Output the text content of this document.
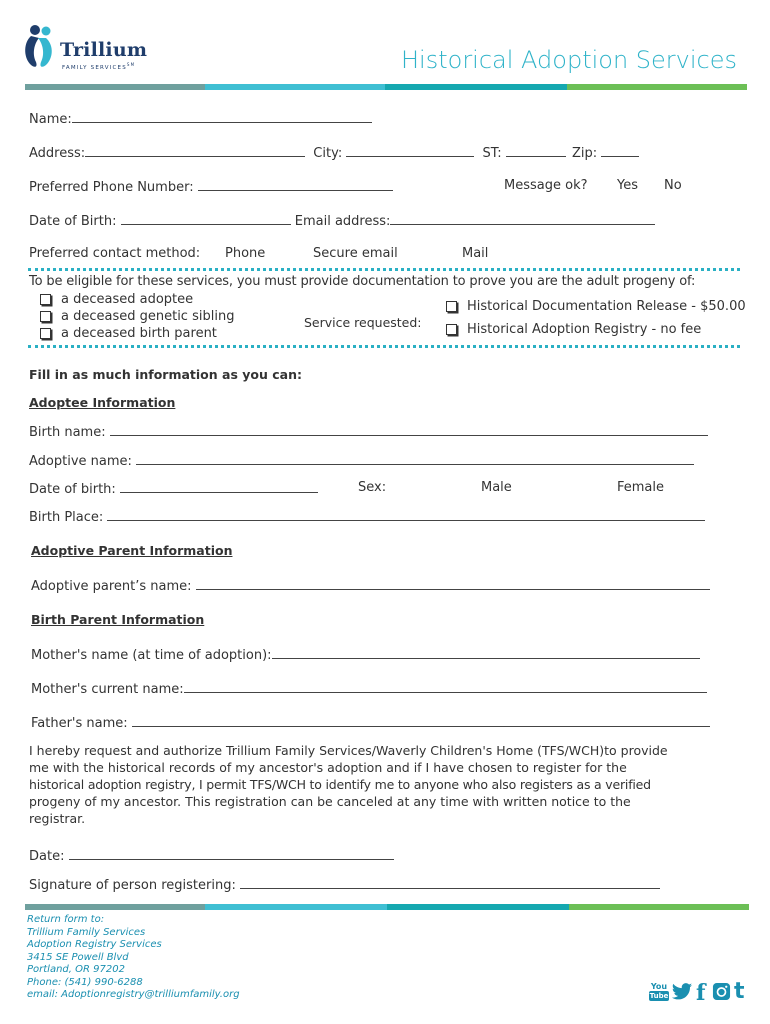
Trillium
FAMILY SERVICES℠	Historical Adoption Services
Name:
Address:	City:	ST:	Zip:
Preferred Phone Number:	Message ok? Yes No
Date of Birth:	Email address:
Preferred contact method: Phone	Secure email	Mail
To be eligible for these services, you must provide documentation to prove you are the adult progeny of:
a deceased adoptee
a deceased genetic sibling
a deceased birth parent
Service requested:
Historical Documentation Release - $50.00
Historical Adoption Registry - no fee
Fill in as much information as you can:
Adoptee Information
Birth name:
Adoptive name:
Date of birth:	Sex:	Male	Female
Birth Place:
Adoptive Parent Information
Adoptive parent’s name:
Birth Parent Information
Mother's name (at time of adoption):
Mother's current name:
Father's name:
I hereby request and authorize Trillium Family Services/Waverly Children's Home (TFS/WCH)to provide
me with the historical records of my ancestor's adoption and if I have chosen to register for the
historical adoption registry, I permit TFS/WCH to identify me to anyone who also registers as a verified
progeny of my ancestor. This registration can be canceled at any time with written notice to the
registrar.
Date:
Signature of person registering:
Return form to:
Trillium Family Services
Adoption Registry Services
3415 SE Powell Blvd
Portland, OR 97202
Phone: (541) 990-6288
email: Adoptionregistry@trilliumfamily.org
You
Tube f t
